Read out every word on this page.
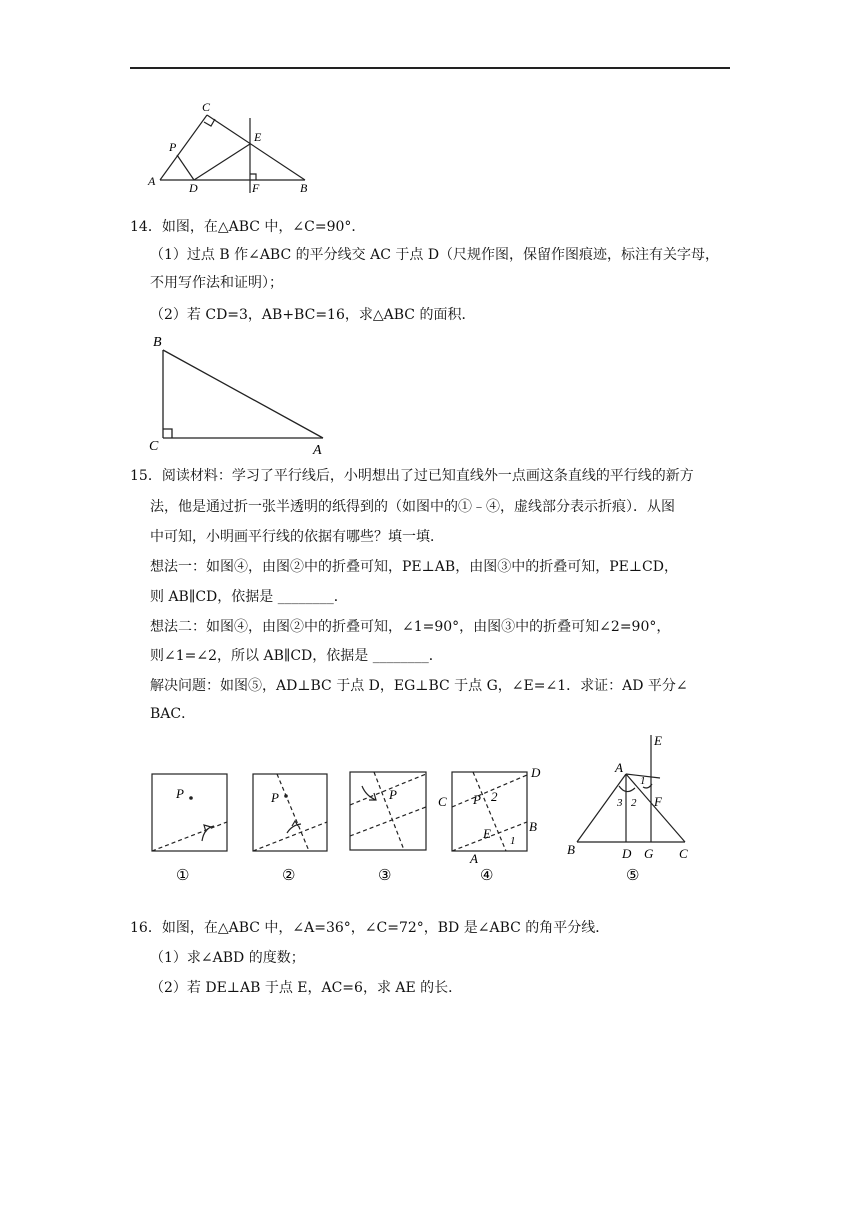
C
P
E
A	D	F	B
14．如图，在△ABC 中，∠C=90°．
（1）过点 B 作∠ABC 的平分线交 AC 于点 D（尺规作图，保留作图痕迹，标注有关字母，
不用写作法和证明）；
（2）若 CD=3，AB+BC=16，求△ABC 的面积．
B
C	A
15．阅读材料：学习了平行线后，小明想出了过已知直线外一点画这条直线的平行线的新方
法，他是通过折一张半透明的纸得到的（如图中的①﹣④，虚线部分表示折痕）．从图
中可知，小明画平行线的依据有哪些？填一填．
想法一：如图④，由图②中的折叠可知，PE⊥AB，由图③中的折叠可知，PE⊥CD，
则 AB∥CD，依据是 ________．
想法二：如图④，由图②中的折叠可知，∠1=90°，由图③中的折叠可知∠2=90°，
则∠1=∠2，所以 AB∥CD，依据是 ________．
解决问题：如图⑤，AD⊥BC 于点 D，EG⊥BC 于点 G，∠E=∠1．求证：AD 平分∠
BAC．
P	P	P
D
C P 2
B
E 1
A
E
A
1
3 2 F
B	D G C
①	②	③	④	⑤
16．如图，在△ABC 中，∠A=36°，∠C=72°，BD 是∠ABC 的角平分线．
（1）求∠ABD 的度数；
（2）若 DE⊥AB 于点 E，AC=6，求 AE 的长．
